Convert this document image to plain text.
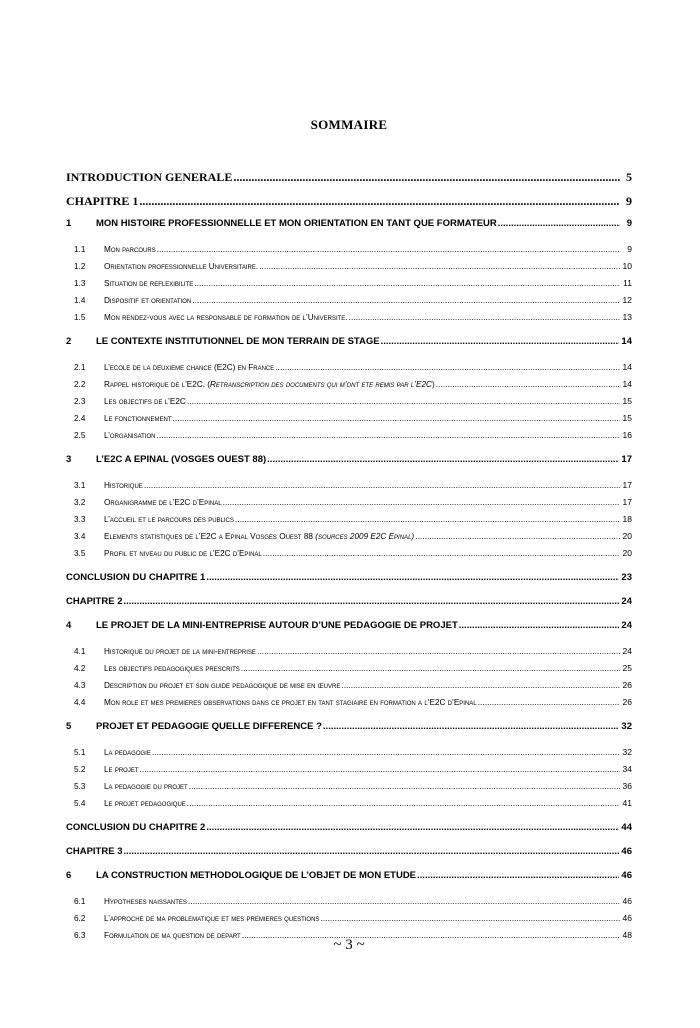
SOMMAIRE
INTRODUCTION GENERALE .....	5
CHAPITRE 1 .....	9
1	MON HISTOIRE PROFESSIONNELLE ET MON ORIENTATION EN TANT QUE FORMATEUR .....	9
1.1	Mon parcours .....	9
1.2	Orientation professionnelle Universitaire. .....	10
1.3	Situation de reflexibilite .....	11
1.4	Dispositif et orientation .....	12
1.5	Mon rendez-vous avec la responsable de formation de l’Universite. .....	13
2	LE CONTEXTE INSTITUTIONNEL DE MON TERRAIN DE STAGE .....	14
2.1	L’ecole de la deuxieme chance (E2C) en France .....	14
2.2	Rappel historique de l’E2C. (Retranscription des documents qui m’ont ete remis par l’E2C) .....	14
2.3	Les objectifs de l’E2C .....	15
2.4	Le fonctionnement .....	15
2.5	L’organisation .....	16
3	L’E2C A EPINAL (VOSGES OUEST 88) .....	17
3.1	Historique .....	17
3.2	Organigramme de l’E2C d’Epinal .....	17
3.3	L’accueil et le parcours des publics .....	18
3.4	Elements statistiques de l’E2C a Epinal Vosges Ouest 88 (sources 2009 E2C Epinal) .....	20
3.5	Profil et niveau du public de l’E2C d’Epinal .....	20
CONCLUSION DU CHAPITRE 1 .....	23
CHAPITRE 2 .....	24
4	LE PROJET DE LA MINI-ENTREPRISE AUTOUR D’UNE PEDAGOGIE DE PROJET .....	24
4.1	Historique du projet de la mini-entreprise .....	24
4.2	Les objectifs pedagogiques prescrits .....	25
4.3	Description du projet et son guide pedagogique de mise en œuvre .....	26
4.4	Mon role et mes premieres observations dans ce projet en tant stagiaire en formation a l’E2C d’Epinal .....	26
5	PROJET ET PEDAGOGIE QUELLE DIFFERENCE ? .....	32
5.1	La pedagogie .....	32
5.2	Le projet .....	34
5.3	La pedagogie du projet .....	36
5.4	Le projet pedagogique .....	41
CONCLUSION DU CHAPITRE 2 .....	44
CHAPITRE 3 .....	46
6	LA CONSTRUCTION METHODOLOGIQUE DE L’OBJET DE MON ETUDE .....	46
6.1	Hypotheses naissantes .....	46
6.2	L’approche de ma problematique et mes premieres questions .....	46
6.3	Formulation de ma question de depart .....	48
~ 3 ~
